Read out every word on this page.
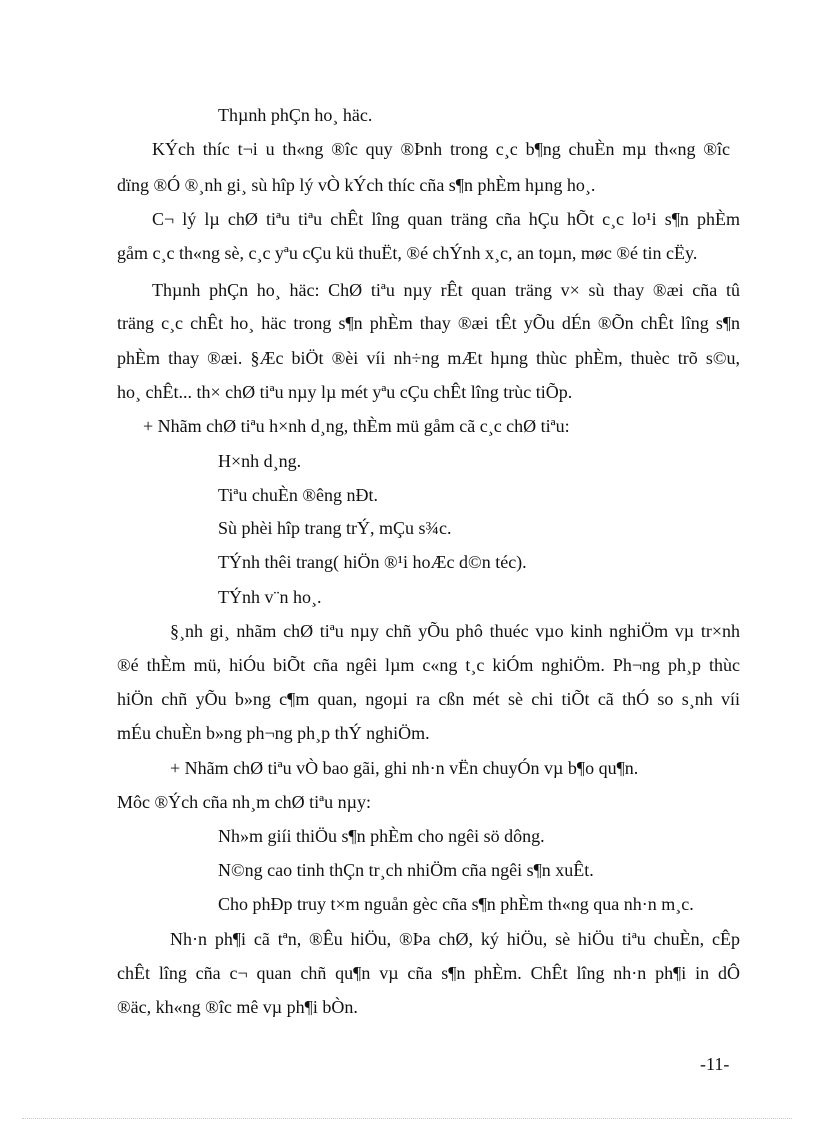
Thµnh phÇn ho¸ häc.
KÝch thíc t¬i u th«ng ®îc quy ®Þnh trong c¸c b¶ng chuÈn mµ th«ng ®îc
dïng ®Ó ®¸nh gi¸ sù hîp lý vÒ kÝch thíc cña s¶n phÈm hµng ho¸.
C¬ lý lµ chØ tiªu tiªu chÊt lîng quan träng cña hÇu hÕt c¸c lo¹i s¶n phÈm
gåm c¸c th«ng sè, c¸c yªu cÇu kü thuËt, ®é chÝnh x¸c, an toµn, møc ®é tin cËy.
Thµnh phÇn ho¸ häc: ChØ tiªu nµy rÊt quan träng v× sù thay ®æi cña tû
träng c¸c chÊt ho¸ häc trong s¶n phÈm thay ®æi tÊt yÕu dÉn ®Õn chÊt lîng s¶n
phÈm thay ®æi. §Æc biÖt ®èi víi nh÷ng mÆt hµng thùc phÈm, thuèc trõ s©u,
ho¸ chÊt... th× chØ tiªu nµy lµ mét yªu cÇu chÊt lîng trùc tiÕp.
+ Nhãm chØ tiªu h×nh d¸ng, thÈm mü gåm cã c¸c chØ tiªu:
H×nh d¸ng.
Tiªu chuÈn ®êng nÐt.
Sù phèi hîp trang trÝ, mÇu s¾c.
TÝnh thêi trang( hiÖn ®¹i hoÆc d©n téc).
TÝnh v¨n ho¸.
§¸nh gi¸ nhãm chØ tiªu nµy chñ yÕu phô thuéc vµo kinh nghiÖm vµ tr×nh
®é thÈm mü, hiÓu biÕt cña ngêi lµm c«ng t¸c kiÓm nghiÖm. Ph¬ng ph¸p thùc
hiÖn chñ yÕu b»ng c¶m quan, ngoµi ra cßn mét sè chi tiÕt cã thÓ so s¸nh víi
mÉu chuÈn b»ng ph¬ng ph¸p thÝ nghiÖm.
+ Nhãm chØ tiªu vÒ bao gãi, ghi nh·n vËn chuyÓn vµ b¶o qu¶n.
Môc ®Ých cña nh¸m chØ tiªu nµy:
Nh»m giíi thiÖu s¶n phÈm cho ngêi sö dông.
N©ng cao tinh thÇn tr¸ch nhiÖm cña ngêi s¶n xuÊt.
Cho phÐp truy t×m nguån gèc cña s¶n phÈm th«ng qua nh·n m¸c.
Nh·n ph¶i cã tªn, ®Êu hiÖu, ®Þa chØ, ký hiÖu, sè hiÖu tiªu chuÈn, cÊp
chÊt lîng cña c¬ quan chñ qu¶n vµ cña s¶n phÈm. ChÊt lîng nh·n ph¶i in dÔ
®äc, kh«ng ®îc mê vµ ph¶i bÒn.
-11-
